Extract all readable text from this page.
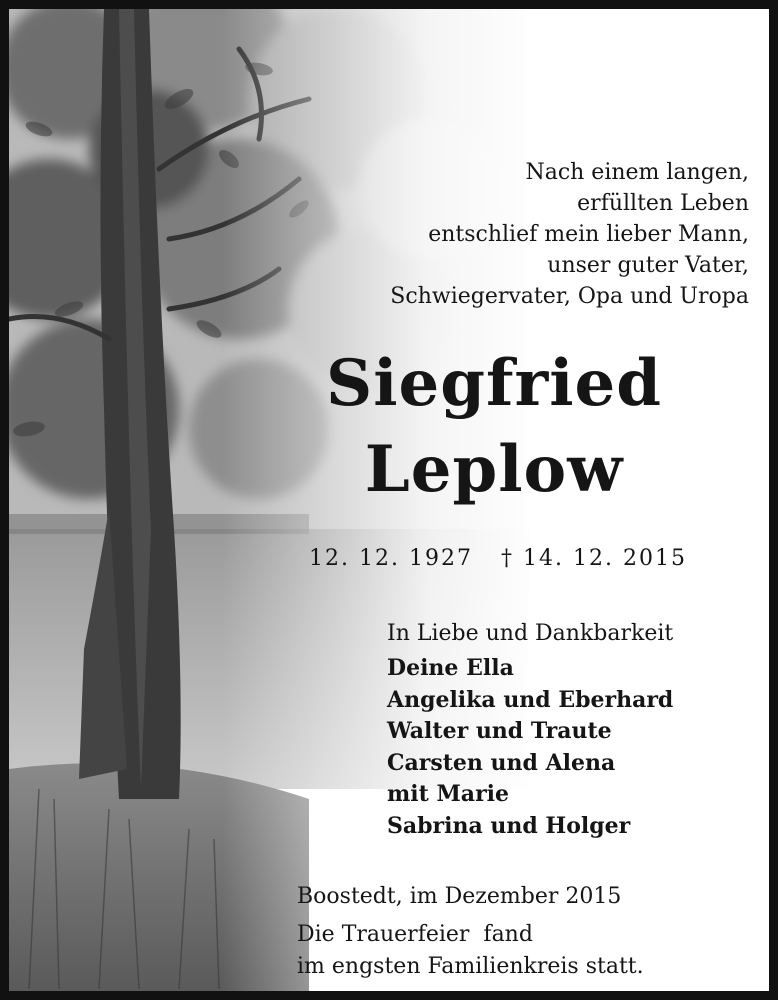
Nach einem langen,
erfüllten Leben
entschlief mein lieber Mann,
unser guter Vater,
Schwiegervater, Opa und Uropa
Siegfried
Leplow
12. 12. 1927 † 14. 12. 2015
In Liebe und Dankbarkeit
Deine Ella
Angelika und Eberhard
Walter und Traute
Carsten und Alena
mit Marie
Sabrina und Holger
Boostedt, im Dezember 2015
Die Trauerfeier  fand
im engsten Familienkreis statt.
